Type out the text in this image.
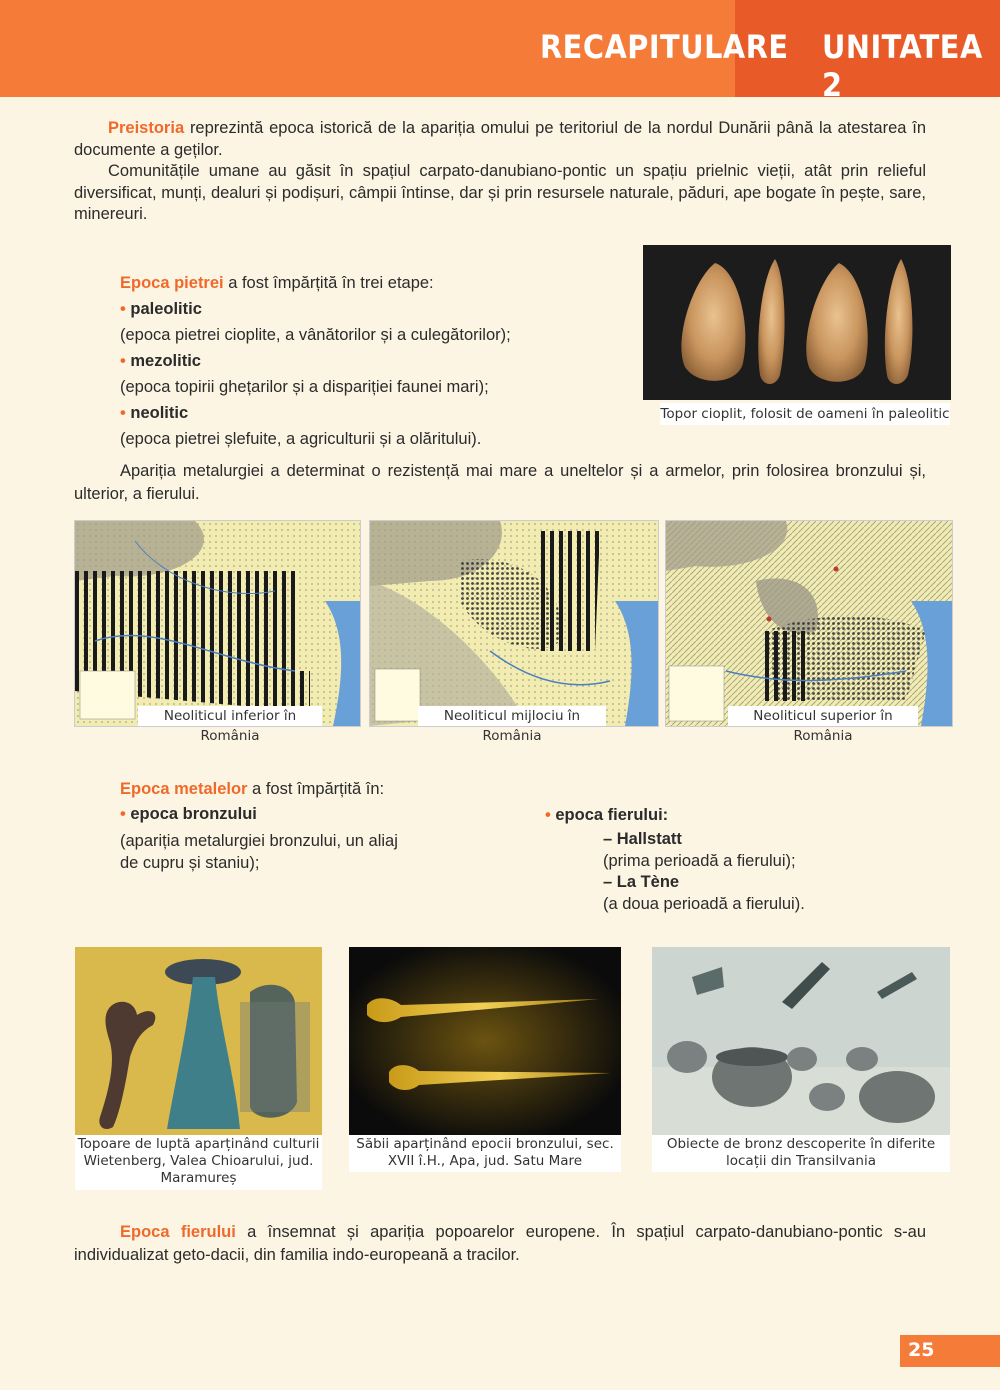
RECAPITULARE UNITATEA 2

Preistoria reprezintă epoca istorică de la apariția omului pe teritoriul de la nordul Dunării până la atestarea în documente a geților.

Comunitățile umane au găsit în spațiul carpato-danubiano-pontic un spațiu prielnic vieții, atât prin relieful diversificat, munți, dealuri și podișuri, câmpii întinse, dar și prin resursele naturale, păduri, ape bogate în pește, sare, minereuri.

Epoca pietrei a fost împărțită în trei etape:

• paleolitic

(epoca pietrei cioplite, a vânătorilor și a culegătorilor);

• mezolitic

(epoca topirii ghețarilor și a dispariției faunei mari);

• neolitic

(epoca pietrei șlefuite, a agriculturii și a olăritului).

Topor cioplit, folosit de oameni în paleolitic

Apariția metalurgiei a determinat o rezistență mai mare a uneltelor și a armelor, prin folosirea bronzului și, ulterior, a fierului.

Neoliticul inferior în România
Neoliticul mijlociu în România
Neoliticul superior în România

Epoca metalelor a fost împărțită în:

• epoca bronzului

(apariția metalurgiei bronzului, un aliaj de cupru și staniu);

• epoca fierului:

– Hallstatt

(prima perioadă a fierului);

– La Tène

(a doua perioadă a fierului).

Topoare de luptă aparținând culturii Wietenberg, Valea Chioarului, jud. Maramureș
Săbii aparținând epocii bronzului, sec. XVII î.H., Apa, jud. Satu Mare
Obiecte de bronz descoperite în diferite locații din Transilvania

Epoca fierului a însemnat și apariția popoarelor europene. În spațiul carpato-danubiano-pontic s-au individualizat geto-dacii, din familia indo-europeană a tracilor.

25
